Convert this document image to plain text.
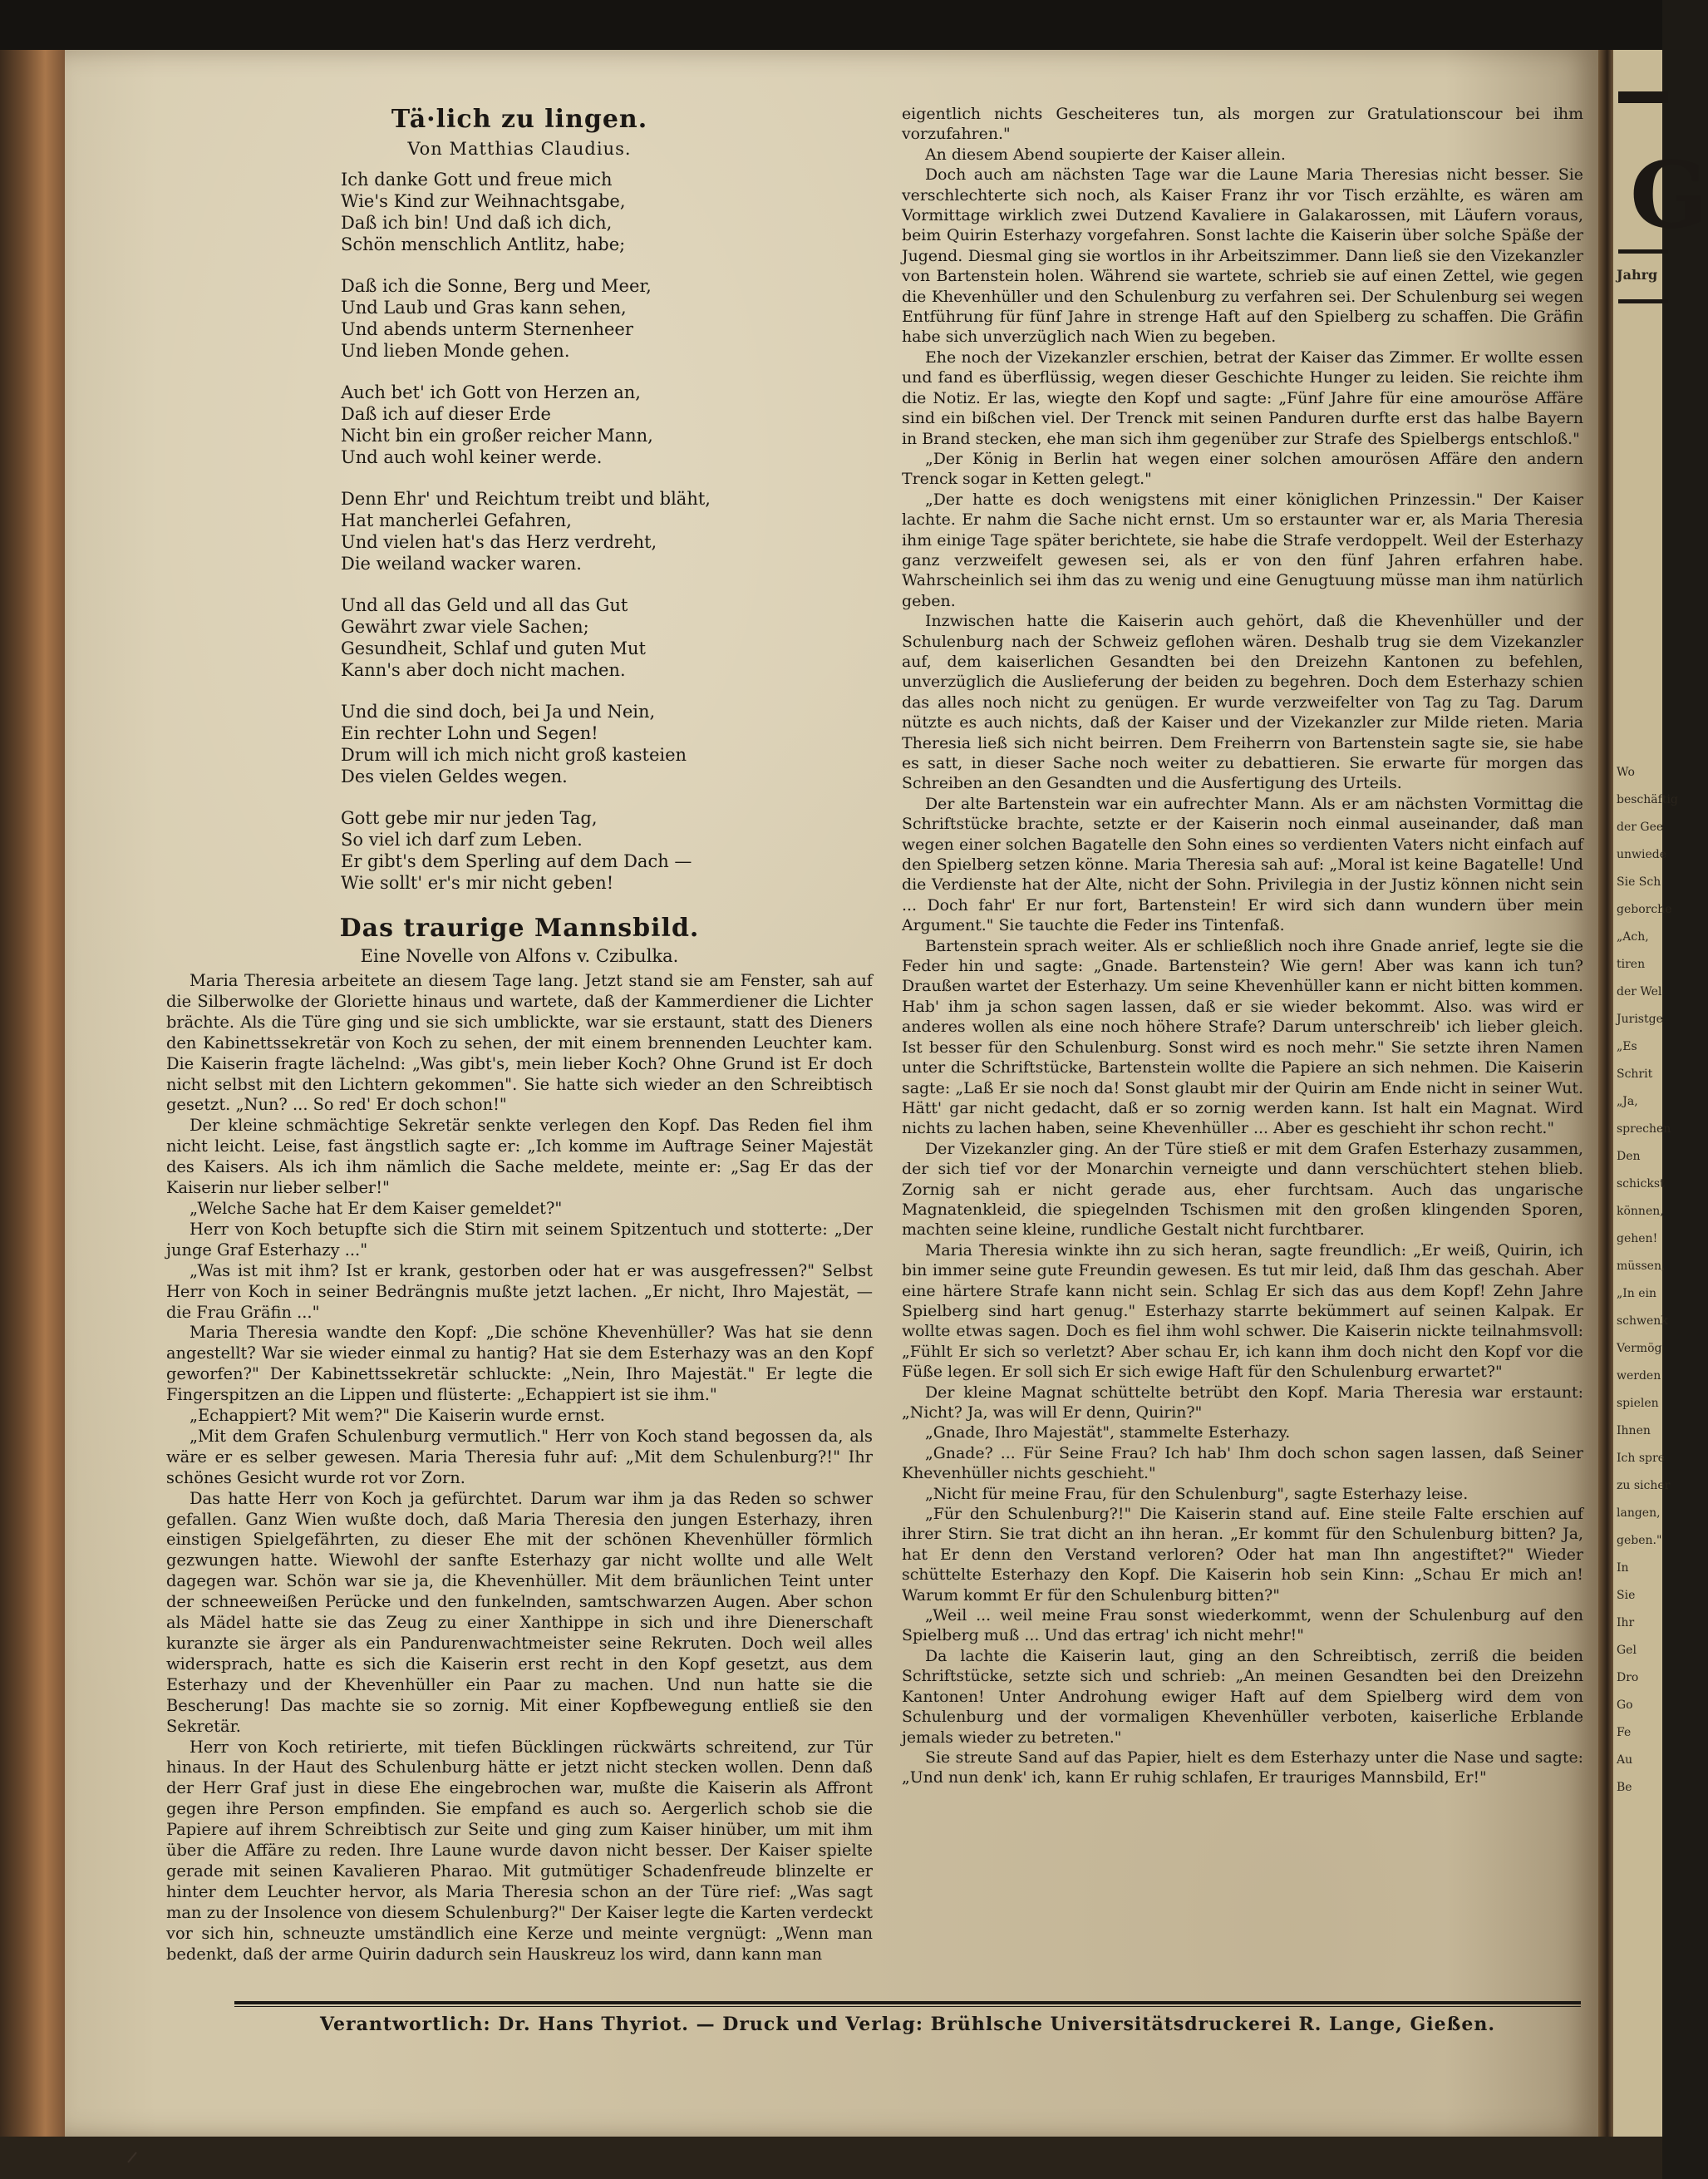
G
Jahrg
Wo
beschäftig
der Gee
unwiede
Sie Sch
geborche
„Ach,
tiren
der Wel
Juristge
„Es
Schrit
„Ja,
sprechen
Den
schickst
können,
gehen!
müssen,
„In ein
schwenk
Vermög
werden
spielen
Ihnen
Ich spre
zu sicher
langen,
geben."
In
Sie
Ihr
Gel
Dro
Go
Fe
Au
Be
Tä·lich zu lingen.
Von Matthias Claudius.
Ich danke Gott und freue mich
Wie's Kind zur Weihnachtsgabe,
Daß ich bin! Und daß ich dich,
Schön menschlich Antlitz, habe;
Daß ich die Sonne, Berg und Meer,
Und Laub und Gras kann sehen,
Und abends unterm Sternenheer
Und lieben Monde gehen.
Auch bet' ich Gott von Herzen an,
Daß ich auf dieser Erde
Nicht bin ein großer reicher Mann,
Und auch wohl keiner werde.
Denn Ehr' und Reichtum treibt und bläht,
Hat mancherlei Gefahren,
Und vielen hat's das Herz verdreht,
Die weiland wacker waren.
Und all das Geld und all das Gut
Gewährt zwar viele Sachen;
Gesundheit, Schlaf und guten Mut
Kann's aber doch nicht machen.
Und die sind doch, bei Ja und Nein,
Ein rechter Lohn und Segen!
Drum will ich mich nicht groß kasteien
Des vielen Geldes wegen.
Gott gebe mir nur jeden Tag,
So viel ich darf zum Leben.
Er gibt's dem Sperling auf dem Dach —
Wie sollt' er's mir nicht geben!
Das traurige Mannsbild.
Eine Novelle von Alfons v. Czibulka.

Maria Theresia arbeitete an diesem Tage lang. Jetzt stand sie am Fenster, sah auf die Silberwolke der Gloriette hinaus und wartete, daß der Kammerdiener die Lichter brächte. Als die Türe ging und sie sich umblickte, war sie erstaunt, statt des Dieners den Kabinettssekretär von Koch zu sehen, der mit einem brennenden Leuchter kam. Die Kaiserin fragte lächelnd: „Was gibt's, mein lieber Koch? Ohne Grund ist Er doch nicht selbst mit den Lichtern gekommen". Sie hatte sich wieder an den Schreibtisch gesetzt. „Nun? ... So red' Er doch schon!"

Der kleine schmächtige Sekretär senkte verlegen den Kopf. Das Reden fiel ihm nicht leicht. Leise, fast ängstlich sagte er: „Ich komme im Auftrage Seiner Majestät des Kaisers. Als ich ihm nämlich die Sache meldete, meinte er: „Sag Er das der Kaiserin nur lieber selber!"

„Welche Sache hat Er dem Kaiser gemeldet?"

Herr von Koch betupfte sich die Stirn mit seinem Spitzentuch und stotterte: „Der junge Graf Esterhazy ..."

„Was ist mit ihm? Ist er krank, gestorben oder hat er was ausgefressen?" Selbst Herr von Koch in seiner Bedrängnis mußte jetzt lachen. „Er nicht, Ihro Majestät, — die Frau Gräfin ..."

Maria Theresia wandte den Kopf: „Die schöne Khevenhüller? Was hat sie denn angestellt? War sie wieder einmal zu hantig? Hat sie dem Esterhazy was an den Kopf geworfen?" Der Kabinettssekretär schluckte: „Nein, Ihro Majestät." Er legte die Fingerspitzen an die Lippen und flüsterte: „Echappiert ist sie ihm."

„Echappiert? Mit wem?" Die Kaiserin wurde ernst.

„Mit dem Grafen Schulenburg vermutlich." Herr von Koch stand begossen da, als wäre er es selber gewesen. Maria Theresia fuhr auf: „Mit dem Schulenburg?!" Ihr schönes Gesicht wurde rot vor Zorn.

Das hatte Herr von Koch ja gefürchtet. Darum war ihm ja das Reden so schwer gefallen. Ganz Wien wußte doch, daß Maria Theresia den jungen Esterhazy, ihren einstigen Spielgefährten, zu dieser Ehe mit der schönen Khevenhüller förmlich gezwungen hatte. Wiewohl der sanfte Esterhazy gar nicht wollte und alle Welt dagegen war. Schön war sie ja, die Khevenhüller. Mit dem bräunlichen Teint unter der schneeweißen Perücke und den funkelnden, samtschwarzen Augen. Aber schon als Mädel hatte sie das Zeug zu einer Xanthippe in sich und ihre Dienerschaft kuranzte sie ärger als ein Pandurenwachtmeister seine Rekruten. Doch weil alles widersprach, hatte es sich die Kaiserin erst recht in den Kopf gesetzt, aus dem Esterhazy und der Khevenhüller ein Paar zu machen. Und nun hatte sie die Bescherung! Das machte sie so zornig. Mit einer Kopfbewegung entließ sie den Sekretär.

Herr von Koch retirierte, mit tiefen Bücklingen rückwärts schreitend, zur Tür hinaus. In der Haut des Schulenburg hätte er jetzt nicht stecken wollen. Denn daß der Herr Graf just in diese Ehe eingebrochen war, mußte die Kaiserin als Affront gegen ihre Person empfinden. Sie empfand es auch so. Aergerlich schob sie die Papiere auf ihrem Schreibtisch zur Seite und ging zum Kaiser hinüber, um mit ihm über die Affäre zu reden. Ihre Laune wurde davon nicht besser. Der Kaiser spielte gerade mit seinen Kavalieren Pharao. Mit gutmütiger Schadenfreude blinzelte er hinter dem Leuchter hervor, als Maria Theresia schon an der Türe rief: „Was sagt man zu der Insolence von diesem Schulenburg?" Der Kaiser legte die Karten verdeckt vor sich hin, schneuzte umständlich eine Kerze und meinte vergnügt: „Wenn man bedenkt, daß der arme Quirin dadurch sein Hauskreuz los wird, dann kann man

eigentlich nichts Gescheiteres tun, als morgen zur Gratulationscour bei ihm vorzufahren."

An diesem Abend soupierte der Kaiser allein.

Doch auch am nächsten Tage war die Laune Maria Theresias nicht besser. Sie verschlechterte sich noch, als Kaiser Franz ihr vor Tisch erzählte, es wären am Vormittage wirklich zwei Dutzend Kavaliere in Galakarossen, mit Läufern voraus, beim Quirin Esterhazy vorgefahren. Sonst lachte die Kaiserin über solche Späße der Jugend. Diesmal ging sie wortlos in ihr Arbeitszimmer. Dann ließ sie den Vizekanzler von Bartenstein holen. Während sie wartete, schrieb sie auf einen Zettel, wie gegen die Khevenhüller und den Schulenburg zu verfahren sei. Der Schulenburg sei wegen Entführung für fünf Jahre in strenge Haft auf den Spielberg zu schaffen. Die Gräfin habe sich unverzüglich nach Wien zu begeben.

Ehe noch der Vizekanzler erschien, betrat der Kaiser das Zimmer. Er wollte essen und fand es überflüssig, wegen dieser Geschichte Hunger zu leiden. Sie reichte ihm die Notiz. Er las, wiegte den Kopf und sagte: „Fünf Jahre für eine amouröse Affäre sind ein bißchen viel. Der Trenck mit seinen Panduren durfte erst das halbe Bayern in Brand stecken, ehe man sich ihm gegenüber zur Strafe des Spielbergs entschloß."

„Der König in Berlin hat wegen einer solchen amourösen Affäre den andern Trenck sogar in Ketten gelegt."

„Der hatte es doch wenigstens mit einer königlichen Prinzessin." Der Kaiser lachte. Er nahm die Sache nicht ernst. Um so erstaunter war er, als Maria Theresia ihm einige Tage später berichtete, sie habe die Strafe verdoppelt. Weil der Esterhazy ganz verzweifelt gewesen sei, als er von den fünf Jahren erfahren habe. Wahrscheinlich sei ihm das zu wenig und eine Genugtuung müsse man ihm natürlich geben.

Inzwischen hatte die Kaiserin auch gehört, daß die Khevenhüller und der Schulenburg nach der Schweiz geflohen wären. Deshalb trug sie dem Vizekanzler auf, dem kaiserlichen Gesandten bei den Dreizehn Kantonen zu befehlen, unverzüglich die Auslieferung der beiden zu begehren. Doch dem Esterhazy schien das alles noch nicht zu genügen. Er wurde verzweifelter von Tag zu Tag. Darum nützte es auch nichts, daß der Kaiser und der Vizekanzler zur Milde rieten. Maria Theresia ließ sich nicht beirren. Dem Freiherrn von Bartenstein sagte sie, sie habe es satt, in dieser Sache noch weiter zu debattieren. Sie erwarte für morgen das Schreiben an den Gesandten und die Ausfertigung des Urteils.

Der alte Bartenstein war ein aufrechter Mann. Als er am nächsten Vormittag die Schriftstücke brachte, setzte er der Kaiserin noch einmal auseinander, daß man wegen einer solchen Bagatelle den Sohn eines so verdienten Vaters nicht einfach auf den Spielberg setzen könne. Maria Theresia sah auf: „Moral ist keine Bagatelle! Und die Verdienste hat der Alte, nicht der Sohn. Privilegia in der Justiz können nicht sein ... Doch fahr' Er nur fort, Bartenstein! Er wird sich dann wundern über mein Argument." Sie tauchte die Feder ins Tintenfaß.

Bartenstein sprach weiter. Als er schließlich noch ihre Gnade anrief, legte sie die Feder hin und sagte: „Gnade. Bartenstein? Wie gern! Aber was kann ich tun? Draußen wartet der Esterhazy. Um seine Khevenhüller kann er nicht bitten kommen. Hab' ihm ja schon sagen lassen, daß er sie wieder bekommt. Also. was wird er anderes wollen als eine noch höhere Strafe? Darum unterschreib' ich lieber gleich. Ist besser für den Schulenburg. Sonst wird es noch mehr." Sie setzte ihren Namen unter die Schriftstücke, Bartenstein wollte die Papiere an sich nehmen. Die Kaiserin sagte: „Laß Er sie noch da! Sonst glaubt mir der Quirin am Ende nicht in seiner Wut. Hätt' gar nicht gedacht, daß er so zornig werden kann. Ist halt ein Magnat. Wird nichts zu lachen haben, seine Khevenhüller ... Aber es geschieht ihr schon recht."

Der Vizekanzler ging. An der Türe stieß er mit dem Grafen Esterhazy zusammen, der sich tief vor der Monarchin verneigte und dann verschüchtert stehen blieb. Zornig sah er nicht gerade aus, eher furchtsam. Auch das ungarische Magnatenkleid, die spiegelnden Tschismen mit den großen klingenden Sporen, machten seine kleine, rundliche Gestalt nicht furchtbarer.

Maria Theresia winkte ihn zu sich heran, sagte freundlich: „Er weiß, Quirin, ich bin immer seine gute Freundin gewesen. Es tut mir leid, daß Ihm das geschah. Aber eine härtere Strafe kann nicht sein. Schlag Er sich das aus dem Kopf! Zehn Jahre Spielberg sind hart genug." Esterhazy starrte bekümmert auf seinen Kalpak. Er wollte etwas sagen. Doch es fiel ihm wohl schwer. Die Kaiserin nickte teilnahmsvoll: „Fühlt Er sich so verletzt? Aber schau Er, ich kann ihm doch nicht den Kopf vor die Füße legen. Er soll sich Er sich ewige Haft für den Schulenburg erwartet?"

Der kleine Magnat schüttelte betrübt den Kopf. Maria Theresia war erstaunt: „Nicht? Ja, was will Er denn, Quirin?"

„Gnade, Ihro Majestät", stammelte Esterhazy.

„Gnade? ... Für Seine Frau? Ich hab' Ihm doch schon sagen lassen, daß Seiner Khevenhüller nichts geschieht."

„Nicht für meine Frau, für den Schulenburg", sagte Esterhazy leise.

„Für den Schulenburg?!" Die Kaiserin stand auf. Eine steile Falte erschien auf ihrer Stirn. Sie trat dicht an ihn heran. „Er kommt für den Schulenburg bitten? Ja, hat Er denn den Verstand verloren? Oder hat man Ihn angestiftet?" Wieder schüttelte Esterhazy den Kopf. Die Kaiserin hob sein Kinn: „Schau Er mich an! Warum kommt Er für den Schulenburg bitten?"

„Weil ... weil meine Frau sonst wiederkommt, wenn der Schulenburg auf den Spielberg muß ... Und das ertrag' ich nicht mehr!"

Da lachte die Kaiserin laut, ging an den Schreibtisch, zerriß die beiden Schriftstücke, setzte sich und schrieb: „An meinen Gesandten bei den Dreizehn Kantonen! Unter Androhung ewiger Haft auf dem Spielberg wird dem von Schulenburg und der vormaligen Khevenhüller verboten, kaiserliche Erblande jemals wieder zu betreten."

Sie streute Sand auf das Papier, hielt es dem Esterhazy unter die Nase und sagte: „Und nun denk' ich, kann Er ruhig schlafen, Er trauriges Mannsbild, Er!"

Verantwortlich: Dr. Hans Thyriot. — Druck und Verlag: Brühlsche Universitätsdruckerei R. Lange, Gießen.
